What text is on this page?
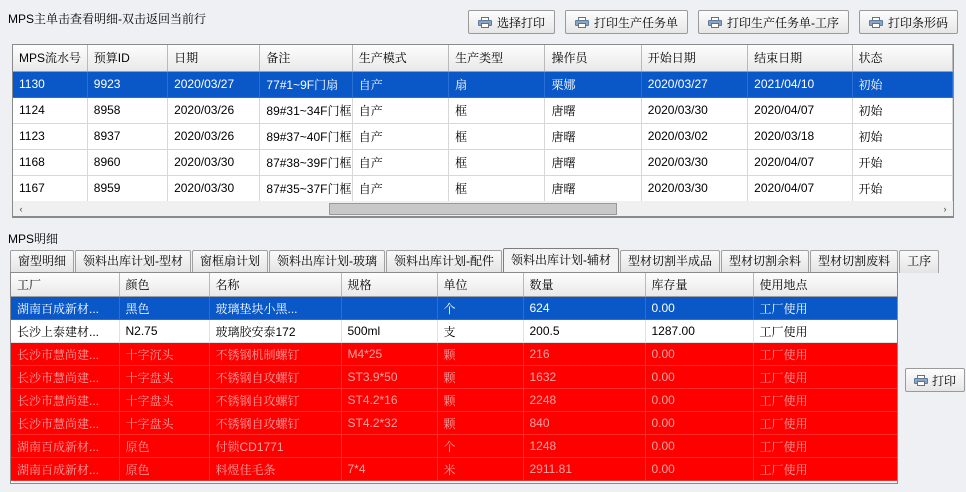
MPS主单击查看明细-双击返回当前行	选择打印	打印生产任务单	打印生产任务单-工序	打印条形码
MPS流水号	预算ID	日期	备注	生产模式	生产类型	操作员	开始日期	结束日期	状态
1130	9923	2020/03/27	77#1~9F门扇	自产	扇	栗娜	2020/03/27	2021/04/10	初始
1124	8958	2020/03/26	89#31~34F门框	自产	框	唐曙	2020/03/30	2020/04/07	初始
1123	8937	2020/03/26	89#37~40F门框	自产	框	唐曙	2020/03/02	2020/03/18	初始
1168	8960	2020/03/30	87#38~39F门框	自产	框	唐曙	2020/03/30	2020/04/07	开始
1167	8959	2020/03/30	87#35~37F门框	自产	框	唐曙	2020/03/30	2020/04/07	开始
‹	›
MPS明细
窗型明细	领料出库计划-型材	窗框扇计划	领料出库计划-玻璃	领料出库计划-配件	领料出库计划-辅材	型材切割半成品	型材切割余料	型材切割废料	工序
工厂	颜色	名称	规格	单位	数量	库存量	使用地点
湖南百成新材...	黑色	玻璃垫块小黑...		个	624	0.00	工厂使用
长沙上泰建材...	N2.75	玻璃胶安泰172	500ml	支	200.5	1287.00	工厂使用
长沙市慧尚建...	十字沉头	不锈钢机制螺钉	M4*25	颗	216	0.00	工厂使用
长沙市慧尚建...	十字盘头	不锈钢自攻螺钉	ST3.9*50	颗	1632	0.00	工厂使用
长沙市慧尚建...	十字盘头	不锈钢自攻螺钉	ST4.2*16	颗	2248	0.00	工厂使用
长沙市慧尚建...	十字盘头	不锈钢自攻螺钉	ST4.2*32	颗	840	0.00	工厂使用
湖南百成新材...	原色	付锁CD1771		个	1248	0.00	工厂使用
湖南百成新材...	原色	料煜佳毛条	7*4	米	2911.81	0.00	工厂使用
打印
